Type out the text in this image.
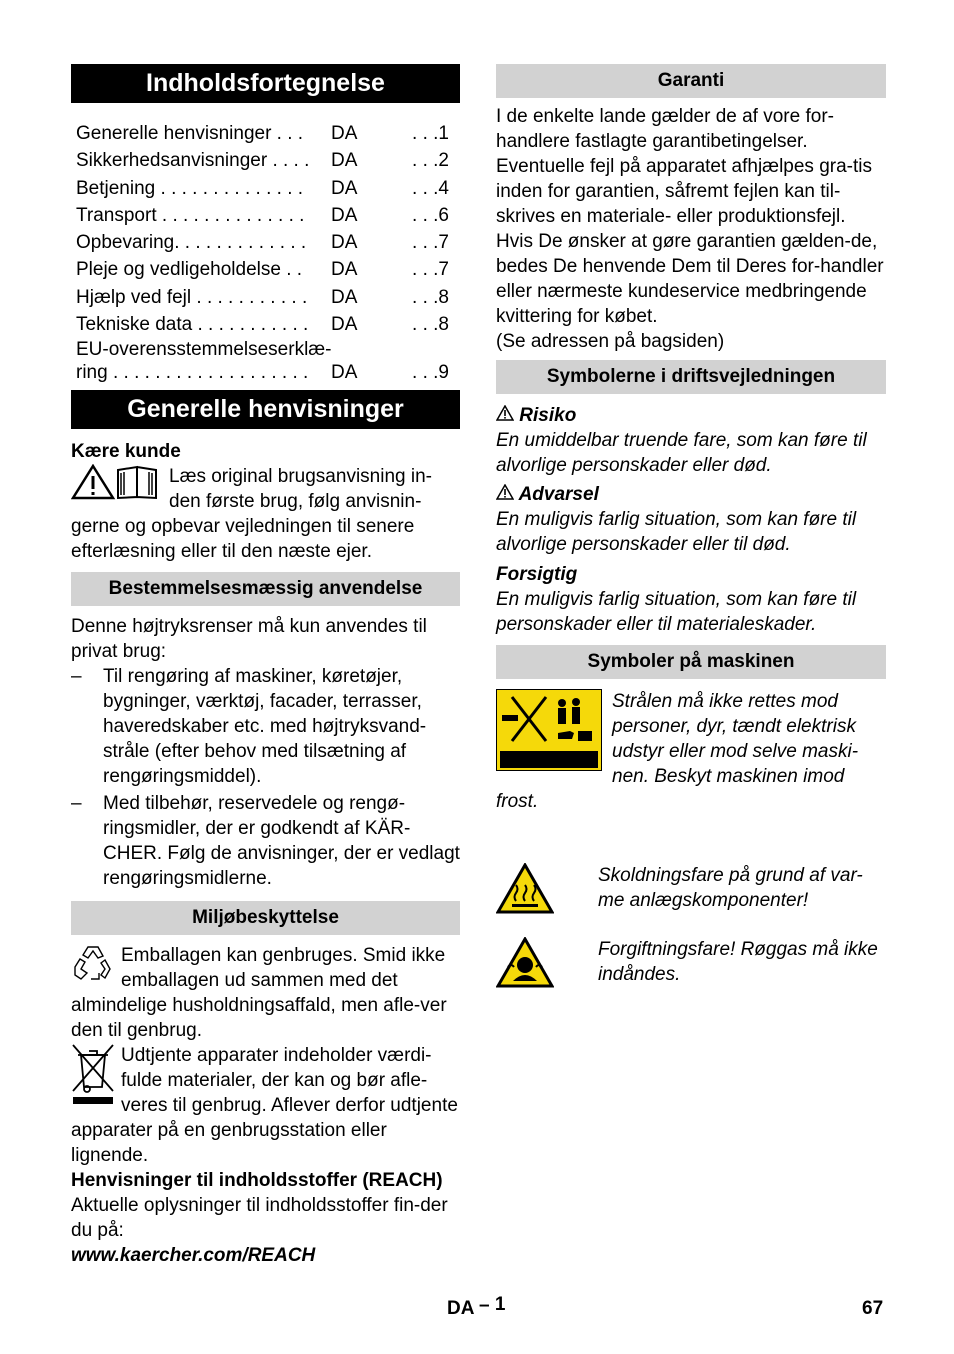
Indholdsfortegnelse
Generelle henvisninger . . .	DA	. . .1
Sikkerhedsanvisninger . . . .	DA	. . .2
Betjening . . . . . . . . . . . . . .	DA	. . .4
Transport . . . . . . . . . . . . . .	DA	. . .6
Opbevaring. . . . . . . . . . . . .	DA	. . .7
Pleje og vedligeholdelse . .	DA	. . .7
Hjælp ved fejl . . . . . . . . . . .	DA	. . .8
Tekniske data . . . . . . . . . . .	DA	. . .8
EU-overensstemmelseserklæ-
ring . . . . . . . . . . . . . . . . . . .	DA	. . .9
Generelle henvisninger

Kære kunde

Læs original brugsanvisning in-den første brug, følg anvisnin-gerne og opbevar vejledningen til senere efterlæsning eller til den næste ejer.

Bestemmelsesmæssig anvendelse

Denne højtryksrenser må kun anvendes til privat brug:

–	Til rengøring af maskiner, køretøjer, bygninger, værktøj, facader, terrasser, haveredskaber etc. med højtryksvand-stråle (efter behov med tilsætning af rengøringsmiddel).

–	Med tilbehør, reservedele og rengø-ringsmidler, der er godkendt af KÄR-CHER. Følg de anvisninger, der er vedlagt rengøringsmidlerne.

Miljøbeskyttelse

Emballagen kan genbruges. Smid ikke emballagen ud sammen med det almindelige husholdningsaffald, men afle-ver den til genbrug.

Udtjente apparater indeholder værdi-fulde materialer, der kan og bør afle-veres til genbrug. Aflever derfor udtjente apparater på en genbrugsstation eller lignende.

Henvisninger til indholdsstoffer (REACH)

Aktuelle oplysninger til indholdsstoffer fin-der du på:

www.kaercher.com/REACH

Garanti

I de enkelte lande gælder de af vore for-handlere fastlagte garantibetingelser. Eventuelle fejl på apparatet afhjælpes gra-tis inden for garantien, såfremt fejlen kan til-skrives en materiale- eller produktionsfejl. Hvis De ønsker at gøre garantien gælden-de, bedes De henvende Dem til Deres for-handler eller nærmeste kundeservice medbringende kvittering for købet.

(Se adressen på bagsiden)

Symbolerne i driftsvejledningen

Risiko

En umiddelbar truende fare, som kan føre til alvorlige personskader eller død.

Advarsel

En muligvis farlig situation, som kan føre til alvorlige personskader eller til død.

Forsigtig

En muligvis farlig situation, som kan føre til personskader eller til materialeskader.

Symboler på maskinen

Strålen må ikke rettes mod personer, dyr, tændt elektrisk udstyr eller mod selve maski-nen. Beskyt maskinen imod frost.

Protect from frost!
Vor Frost schützen!

Skoldningsfare på grund af var-me anlægskomponenter!

Forgiftningsfare! Røggas må ikke indåndes.

DA – 1	67
